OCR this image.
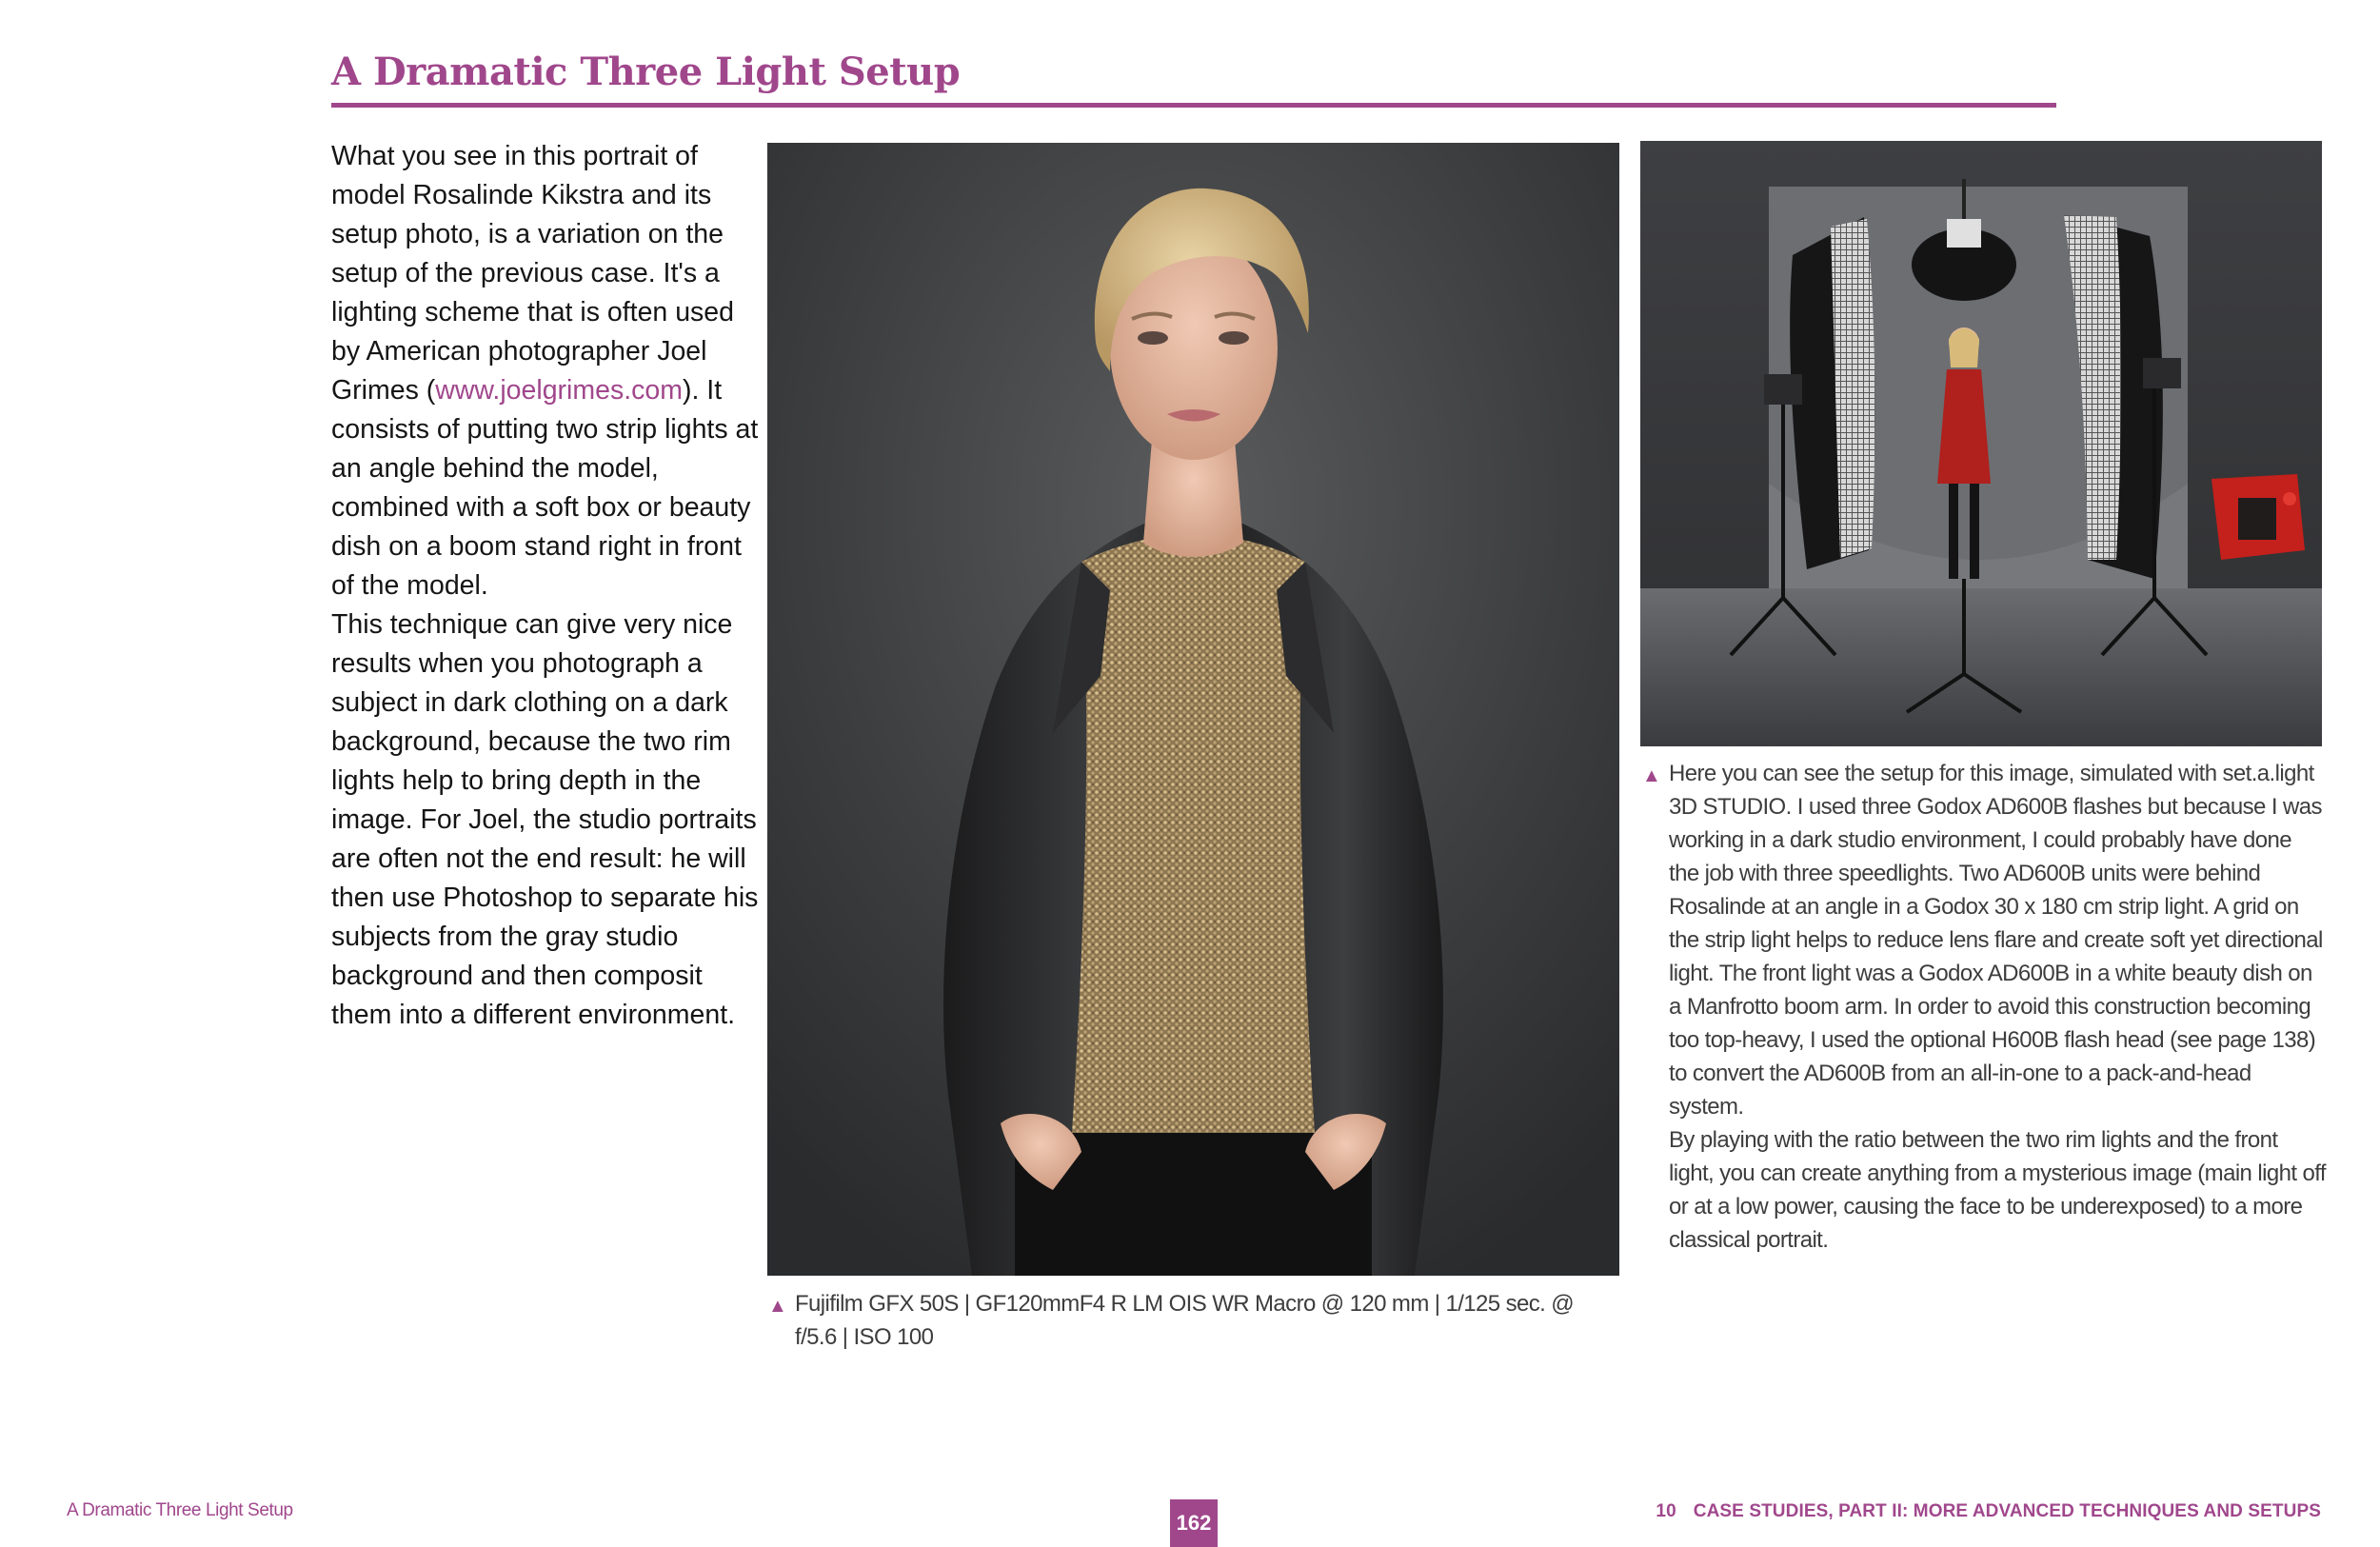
A Dramatic Three Light Setup

What you see in this portrait of model Rosalinde Kikstra and its setup photo, is a variation on the setup of the previous case. It's a lighting scheme that is often used by American photographer Joel Grimes (www.joelgrimes.com). It consists of putting two strip lights at an angle behind the model, combined with a soft box or beauty dish on a boom stand right in front of the model.
This technique can give very nice results when you photograph a subject in dark clothing on a dark background, because the two rim lights help to bring depth in the image. For Joel, the studio portraits are often not the end result: he will then use Photoshop to separate his subjects from the gray studio background and then composit them into a different environment.

▲ Fujifilm GFX 50S | GF120mmF4 R LM OIS WR Macro @ 120 mm | 1/125 sec. @ f/5.6 | ISO 100
▲ Here you can see the setup for this image, simulated with set.a.light 3D STUDIO. I used three Godox AD600B flashes but because I was working in a dark studio environment, I could probably have done the job with three speedlights. Two AD600B units were behind Rosalinde at an angle in a Godox 30 x 180 cm strip light. A grid on the strip light helps to reduce lens flare and create soft yet directional light. The front light was a Godox AD600B in a white beauty dish on a Manfrotto boom arm. In order to avoid this construction becoming too top-heavy, I used the optional H600B flash head (see page 138) to convert the AD600B from an all-in-one to a pack-and-head system.
By playing with the ratio between the two rim lights and the front light, you can create anything from a mysterious image (main light off or at a low power, causing the face to be underexposed) to a more classical portrait.
A Dramatic Three Light Setup
162	10 CASE STUDIES, PART II: MORE ADVANCED TECHNIQUES AND SETUPS
